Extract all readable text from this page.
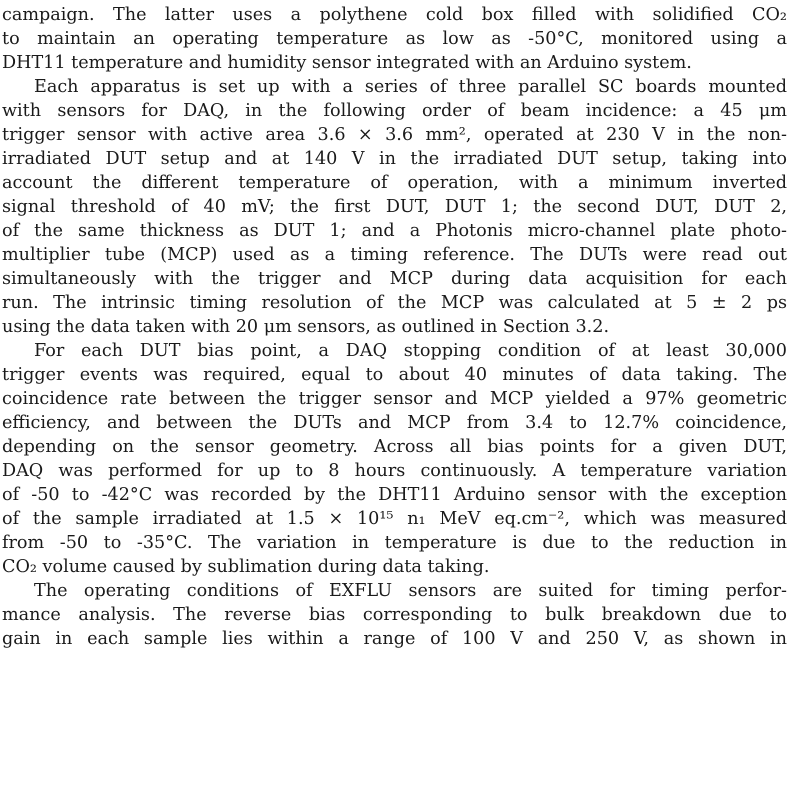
campaign. The latter uses a polythene cold box filled with solidified CO₂
to maintain an operating temperature as low as -50°C, monitored using a
DHT11 temperature and humidity sensor integrated with an Arduino system.
Each apparatus is set up with a series of three parallel SC boards mounted
with sensors for DAQ, in the following order of beam incidence: a 45 μm
trigger sensor with active area 3.6 × 3.6 mm², operated at 230 V in the non-
irradiated DUT setup and at 140 V in the irradiated DUT setup, taking into
account the different temperature of operation, with a minimum inverted
signal threshold of 40 mV; the first DUT, DUT 1; the second DUT, DUT 2,
of the same thickness as DUT 1; and a Photonis micro-channel plate photo-
multiplier tube (MCP) used as a timing reference. The DUTs were read out
simultaneously with the trigger and MCP during data acquisition for each
run. The intrinsic timing resolution of the MCP was calculated at 5 ± 2 ps
using the data taken with 20 μm sensors, as outlined in Section 3.2.
For each DUT bias point, a DAQ stopping condition of at least 30,000
trigger events was required, equal to about 40 minutes of data taking. The
coincidence rate between the trigger sensor and MCP yielded a 97% geometric
efficiency, and between the DUTs and MCP from 3.4 to 12.7% coincidence,
depending on the sensor geometry. Across all bias points for a given DUT,
DAQ was performed for up to 8 hours continuously. A temperature variation
of -50 to -42°C was recorded by the DHT11 Arduino sensor with the exception
of the sample irradiated at 1.5 × 10¹⁵ n₁ MeV eq.cm⁻², which was measured
from -50 to -35°C. The variation in temperature is due to the reduction in
CO₂ volume caused by sublimation during data taking.
The operating conditions of EXFLU sensors are suited for timing perfor-
mance analysis. The reverse bias corresponding to bulk breakdown due to
gain in each sample lies within a range of 100 V and 250 V, as shown in
